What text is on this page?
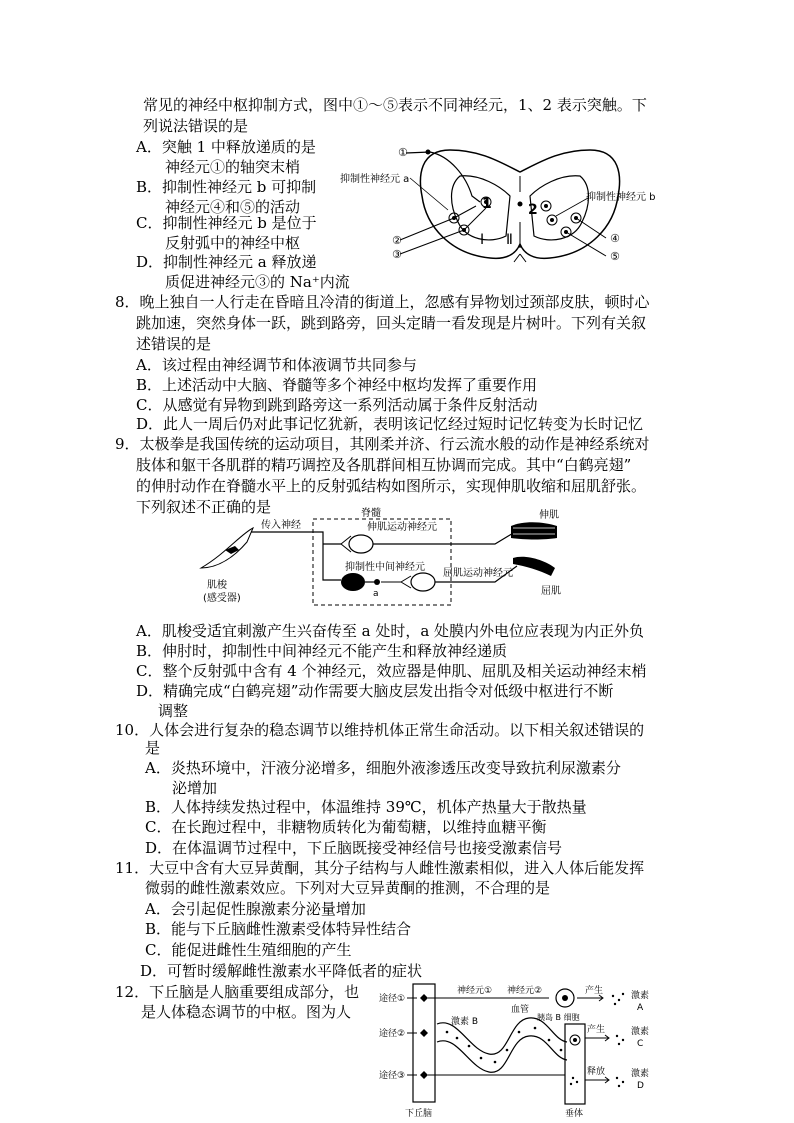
常见的神经中枢抑制方式，图中①～⑤表示不同神经元，1、2 表示突触。下
列说法错误的是
A．突触 1 中释放递质的是
神经元①的轴突末梢
B．抑制性神经元 b 可抑制
神经元④和⑤的活动
C．抑制性神经元 b 是位于
反射弧中的神经中枢
D．抑制性神经元 a 释放递
质促进神经元③的 Na⁺内流
①
1
②
③
抑制性神经元 a
2
④
⑤
抑制性神经元 b
Ⅰ Ⅱ
8．晚上独自一人行走在昏暗且冷清的街道上，忽感有异物划过颈部皮肤，顿时心
跳加速，突然身体一跃，跳到路旁，回头定睛一看发现是片树叶。下列有关叙
述错误的是
A．该过程由神经调节和体液调节共同参与
B．上述活动中大脑、脊髓等多个神经中枢均发挥了重要作用
C．从感觉有异物到跳到路旁这一系列活动属于条件反射活动
D．此人一周后仍对此事记忆犹新，表明该记忆经过短时记忆转变为长时记忆
9．太极拳是我国传统的运动项目，其刚柔并济、行云流水般的动作是神经系统对
肢体和躯干各肌群的精巧调控及各肌群间相互协调而完成。其中“白鹤亮翅”
的伸肘动作在脊髓水平上的反射弧结构如图所示，实现伸肌收缩和屈肌舒张。
下列叙述不正确的是	脊髓
传入神经
肌梭
(感受器)
伸肌运动神经元
a
抑制性中间神经元
屈肌运动神经元
伸肌
屈肌
A．肌梭受适宜刺激产生兴奋传至 a 处时，a 处膜内外电位应表现为内正外负
B．伸肘时，抑制性中间神经元不能产生和释放神经递质
C．整个反射弧中含有 4 个神经元，效应器是伸肌、屈肌及相关运动神经末梢
D．精确完成“白鹤亮翅”动作需要大脑皮层发出指令对低级中枢进行不断
调整
10．人体会进行复杂的稳态调节以维持机体正常生命活动。以下相关叙述错误的
是
A．炎热环境中，汗液分泌增多，细胞外液渗透压改变导致抗利尿激素分
泌增加
B．人体持续发热过程中，体温维持 39℃，机体产热量大于散热量
C．在长跑过程中，非糖物质转化为葡萄糖，以维持血糖平衡
D．在体温调节过程中，下丘脑既接受神经信号也接受激素信号
11．大豆中含有大豆异黄酮，其分子结构与人雌性激素相似，进入人体后能发挥
微弱的雌性激素效应。下列对大豆异黄酮的推测，不合理的是
A．会引起促性腺激素分泌量增加
B．能与下丘脑雌性激素受体特异性结合
C．能促进雌性生殖细胞的产生
D．可暂时缓解雌性激素水平降低者的症状
12．下丘脑是人脑重要组成部分，也
是人体稳态调节的中枢。图为人
下丘脑
途径①
途径②
途径③
神经元① 神经元②
胰岛 B 细胞
产生	激素
A
激素 B
血管
垂体
产生	激素
C
释放	激素
D
